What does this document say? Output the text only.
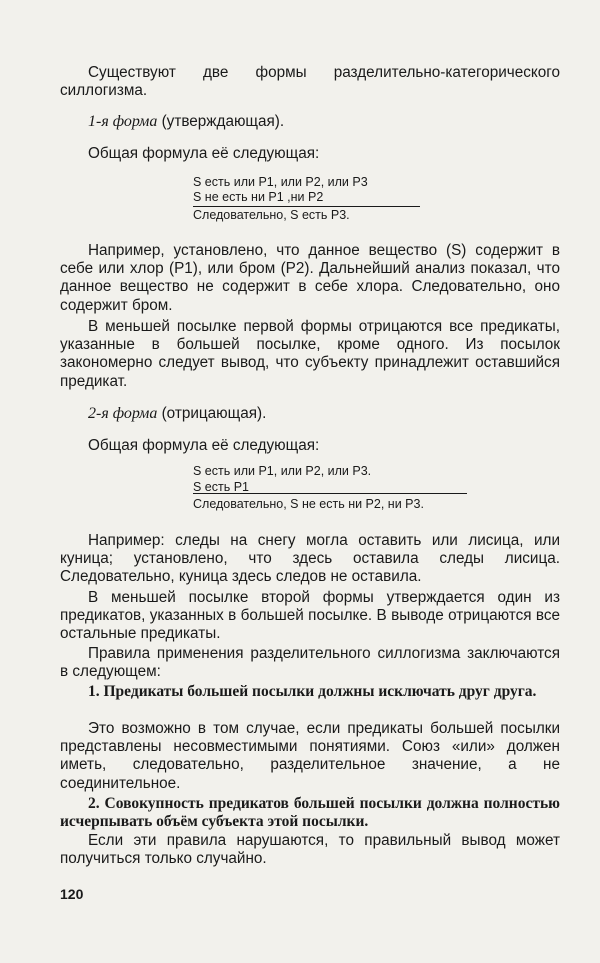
Существуют две формы разделительно-категорического силлогизма.
1-я форма (утверждающая).
Общая формула её следующая:
S есть или P1, или P2, или P3
S не есть ни P1 ,ни P2
Следовательно, S есть P3.
Например, установлено, что данное вещество (S) содержит в себе или хлор (P1), или бром (P2). Дальнейший анализ показал, что данное вещество не содержит в себе хлора. Следовательно, оно содержит бром.
В меньшей посылке первой формы отрицаются все предикаты, указанные в большей посылке, кроме одного. Из посылок закономерно следует вывод, что субъекту принадлежит оставшийся предикат.
2-я форма (отрицающая).
Общая формула её следующая:
S есть или P1, или P2, или P3.
S есть P1
Следовательно, S не есть ни P2, ни P3.
Например: следы на снегу могла оставить или лисица, или куница; установлено, что здесь оставила следы лисица. Следовательно, куница здесь следов не оставила.
В меньшей посылке второй формы утверждается один из предикатов, указанных в большей посылке. В выводе отрицаются все остальные предикаты.
Правила применения разделительного силлогизма заключаются в следующем:
1. Предикаты большей посылки должны исключать друг друга.
Это возможно в том случае, если предикаты большей посылки представлены несовместимыми понятиями. Союз «или» должен иметь, следовательно, разделительное значение, а не соединительное.
2. Совокупность предикатов большей посылки должна полностью исчерпывать объём субъекта этой посылки.
Если эти правила нарушаются, то правильный вывод может получиться только случайно.
120
